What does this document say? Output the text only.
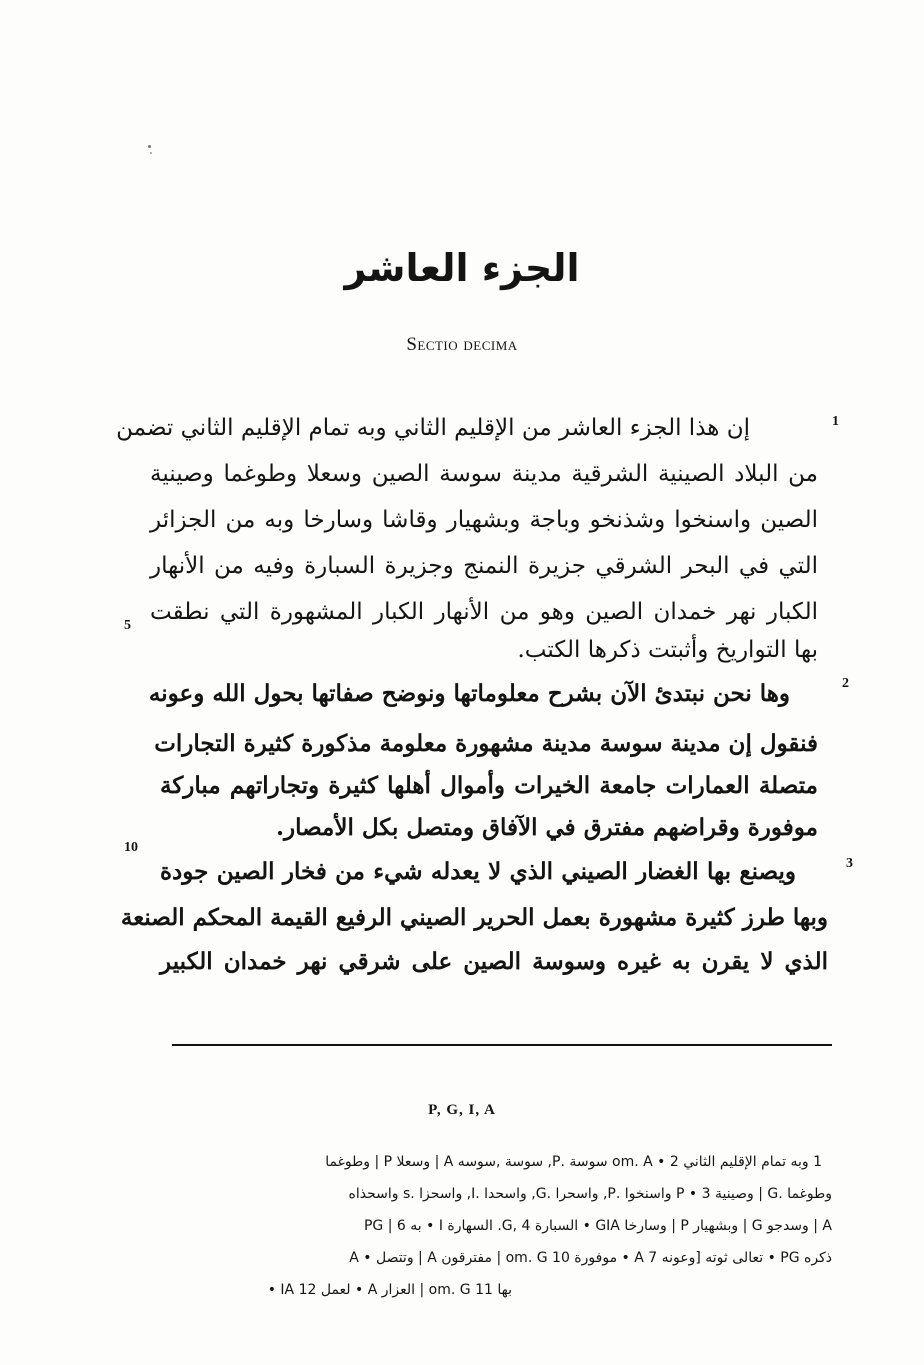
الجزء العاشر
Sectio decima
1
إن هذا الجزء العاشر من الإقليم الثاني وبه تمام الإقليم الثاني تضمن
من البلاد الصينية الشرقية مدينة سوسة الصين وسعلا وطوغما وصينية
الصين واسنخوا وشذنخو وباجة وبشهيار وقاشا وسارخا وبه من الجزائر
التي في البحر الشرقي جزيرة النمنج وجزيرة السبارة وفيه من الأنهار
الكبار نهر خمدان الصين وهو من الأنهار الكبار المشهورة التي نطقت
5
بها التواريخ وأثبتت ذكرها الكتب.
2
وها نحن نبتدئ الآن بشرح معلوماتها ونوضح صفاتها بحول الله وعونه
فنقول إن مدينة سوسة مدينة مشهورة معلومة مذكورة كثيرة التجارات
متصلة العمارات جامعة الخيرات وأموال أهلها كثيرة وتجاراتهم مباركة
موفورة وقراضهم مفترق في الآفاق ومتصل بكل الأمصار.
10
3
ويصنع بها الغضار الصيني الذي لا يعدله شيء من فخار الصين جودة
وبها طرز كثيرة مشهورة بعمل الحرير الصيني الرفيع القيمة المحكم الصنعة
الذي لا يقرن به غيره وسوسة الصين على شرقي نهر خمدان الكبير
P, G, I, A
1 وبه تمام الإقليم الثاني om. A • 2 سوسة .P, سوسة ,سوسه A | وسعلا P | وطوغما
وطوغما .G | وصينية P • 3 واسنخوا .P, واسحرا .G, واسحدا .I, واسحزا .s واسحذاه
PG | به 6 • I السهارة .G, السبارة 4 • GIA وسارخا | P وبشهيار | G وسدجو | A
A • وتتصل | A مفترقون | om. G موفورة 10 • A تعالى ثوته [وعونه 7 • PG ذكره
• IA لعمل 12 • A العزار | om. G بها 11
